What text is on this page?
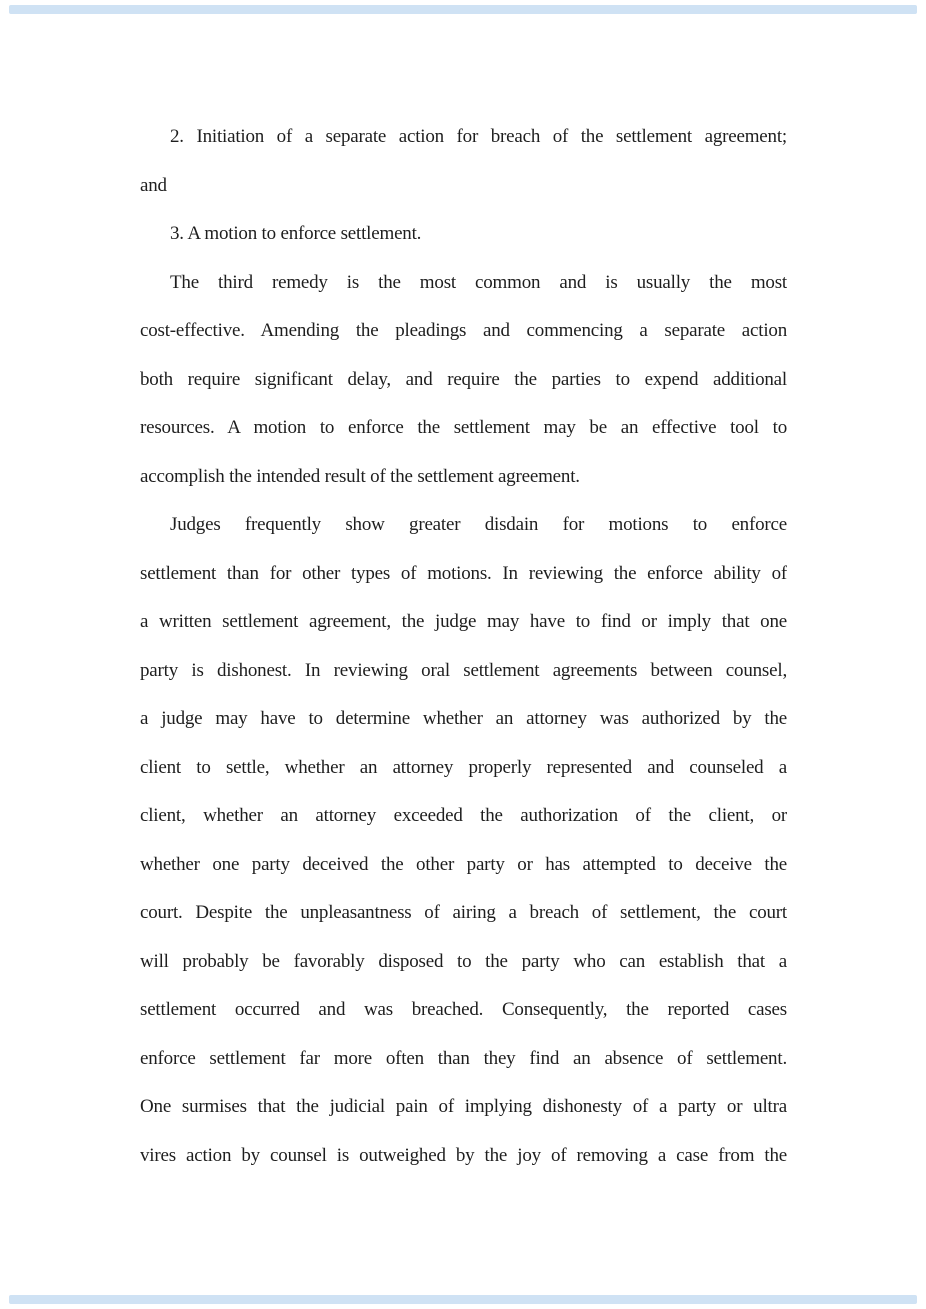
2. Initiation of a separate action for breach of the settlement agreement;
and
3. A motion to enforce settlement.
The third remedy is the most common and is usually the most
cost-effective. Amending the pleadings and commencing a separate action
both require significant delay, and require the parties to expend additional
resources. A motion to enforce the settlement may be an effective tool to
accomplish the intended result of the settlement agreement.
Judges frequently show greater disdain for motions to enforce
settlement than for other types of motions. In reviewing the enforce ability of
a written settlement agreement, the judge may have to find or imply that one
party is dishonest. In reviewing oral settlement agreements between counsel,
a judge may have to determine whether an attorney was authorized by the
client to settle, whether an attorney properly represented and counseled a
client, whether an attorney exceeded the authorization of the client, or
whether one party deceived the other party or has attempted to deceive the
court. Despite the unpleasantness of airing a breach of settlement, the court
will probably be favorably disposed to the party who can establish that a
settlement occurred and was breached. Consequently, the reported cases
enforce settlement far more often than they find an absence of settlement.
One surmises that the judicial pain of implying dishonesty of a party or ultra
vires action by counsel is outweighed by the joy of removing a case from the
